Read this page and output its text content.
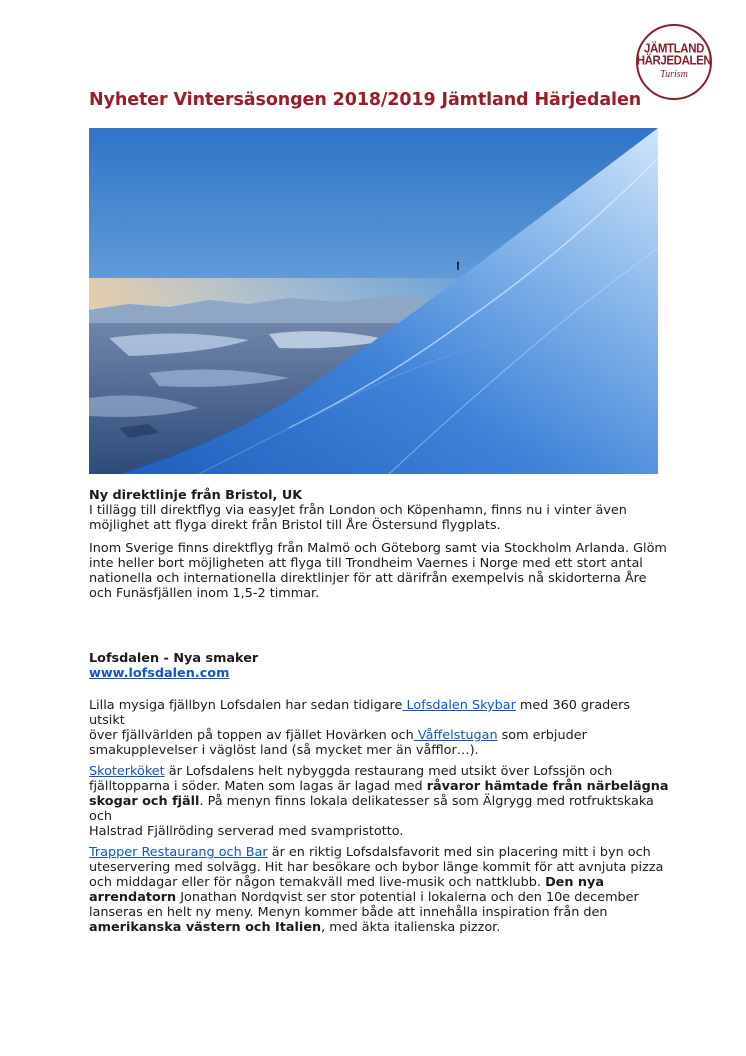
JÄMTLAND
HÄRJEDALEN
Turism
Nyheter Vintersäsongen 2018/2019 Jämtland Härjedalen

Ny direktlinje från Bristol, UK

I tillägg till direktflyg via easyJet från London och Köpenhamn, finns nu i vinter även

möjlighet att flyga direkt från Bristol till Åre Östersund flygplats.

Inom Sverige finns direktflyg från Malmö och Göteborg samt via Stockholm Arlanda. Glöm

inte heller bort möjligheten att flyga till Trondheim Vaernes i Norge med ett stort antal

nationella och internationella direktlinjer för att därifrån exempelvis nå skidorterna Åre

och Funäsfjällen inom 1,5-2 timmar.

Lofsdalen - Nya smaker

www.lofsdalen.com

Lilla mysiga fjällbyn Lofsdalen har sedan tidigare Lofsdalen Skybar med 360 graders utsikt

över fjällvärlden på toppen av fjället Hovärken och Våffelstugan som erbjuder

smakupplevelser i väglöst land (så mycket mer än våfflor…).

Skoterköket är Lofsdalens helt nybyggda restaurang med utsikt över Lofssjön och

fjälltopparna i söder. Maten som lagas är lagad med råvaror hämtade från närbelägna

skogar och fjäll. På menyn finns lokala delikatesser så som Älgrygg med rotfruktskaka och

Halstrad Fjällröding serverad med svampristotto.

Trapper Restaurang och Bar är en riktig Lofsdalsfavorit med sin placering mitt i byn och

uteservering med solvägg. Hit har besökare och bybor länge kommit för att avnjuta pizza

och middagar eller för någon temakväll med live-musik och nattklubb. Den nya

arrendatorn Jonathan Nordqvist ser stor potential i lokalerna och den 10e december

lanseras en helt ny meny. Menyn kommer både att innehålla inspiration från den

amerikanska västern och Italien, med äkta italienska pizzor.
